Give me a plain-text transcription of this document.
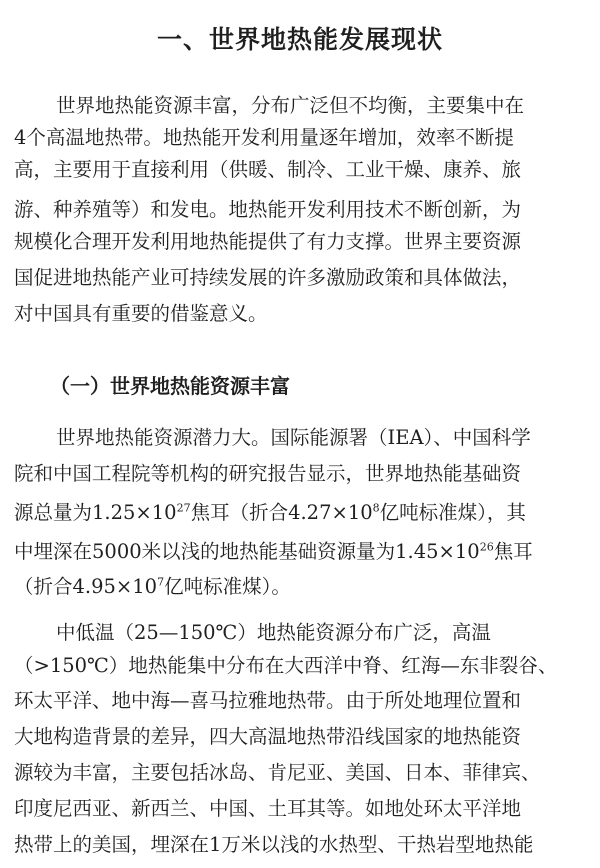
一、世界地热能发展现状
世界地热能资源丰富，分布广泛但不均衡，主要集中在
4个高温地热带。地热能开发利用量逐年增加，效率不断提
高，主要用于直接利用（供暖、制冷、工业干燥、康养、旅
游、种养殖等）和发电。地热能开发利用技术不断创新，为
规模化合理开发利用地热能提供了有力支撑。世界主要资源
国促进地热能产业可持续发展的许多激励政策和具体做法，
对中国具有重要的借鉴意义。
（一）世界地热能资源丰富
世界地热能资源潜力大。国际能源署（IEA）、中国科学
院和中国工程院等机构的研究报告显示，世界地热能基础资
源总量为$1.25\times 10^{27}$焦耳（折合$4.27\times 10^8$亿吨标准煤），其
中埋深在5000米以浅的地热能基础资源量为$1.45\times 10^{26}$焦耳
（折合$4.95\times 10^7$亿吨标准煤）。
中低温（25—150℃）地热能资源分布广泛，高温
（>150℃）地热能集中分布在大西洋中脊、红海—东非裂谷、
环太平洋、地中海—喜马拉雅地热带。由于所处地理位置和
大地构造背景的差异，四大高温地热带沿线国家的地热能资
源较为丰富，主要包括冰岛、肯尼亚、美国、日本、菲律宾、
印度尼西亚、新西兰、中国、土耳其等。如地处环太平洋地
热带上的美国，埋深在1万米以浅的水热型、干热岩型地热能
